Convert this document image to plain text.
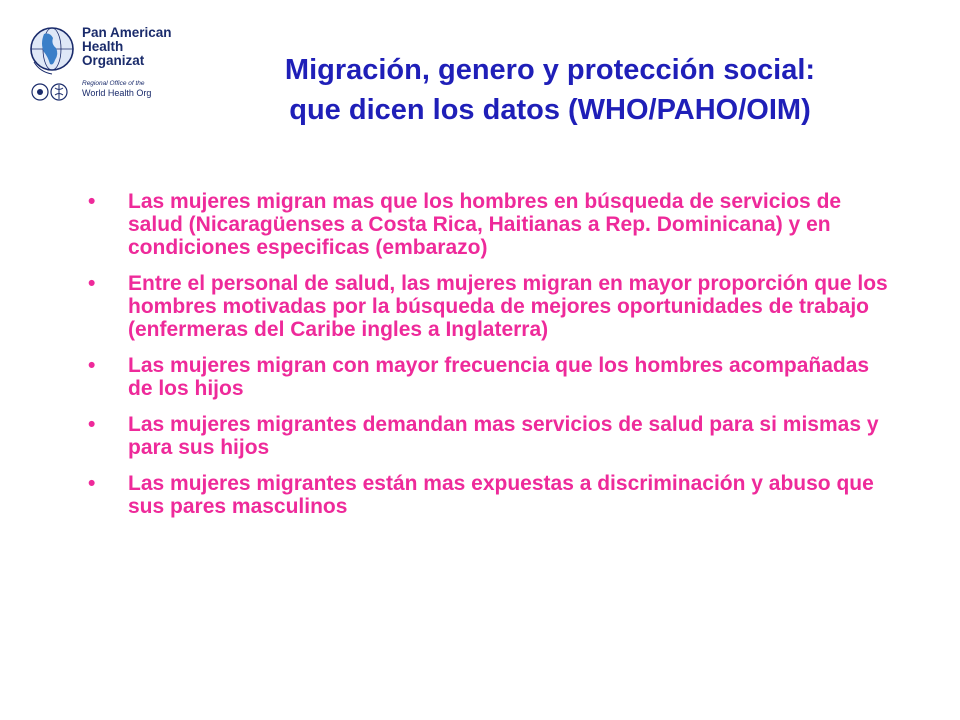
Pan American
Health
Organizat
Regional Office of the
World Health Org
Migración, genero y protección social:
que dicen los datos (WHO/PAHO/OIM)
• Las mujeres migran mas que los hombres en búsqueda de servicios de salud (Nicaragüenses a Costa Rica, Haitianas a Rep. Dominicana) y en condiciones especificas (embarazo)
• Entre el personal de salud, las mujeres migran en mayor proporción que los hombres motivadas por la búsqueda de mejores oportunidades de trabajo (enfermeras del Caribe ingles a Inglaterra)
• Las mujeres migran con mayor frecuencia que los hombres acompañadas de los hijos
• Las mujeres migrantes demandan mas servicios de salud para si mismas y para sus hijos
• Las mujeres migrantes están mas expuestas a discriminación y abuso que sus pares masculinos
